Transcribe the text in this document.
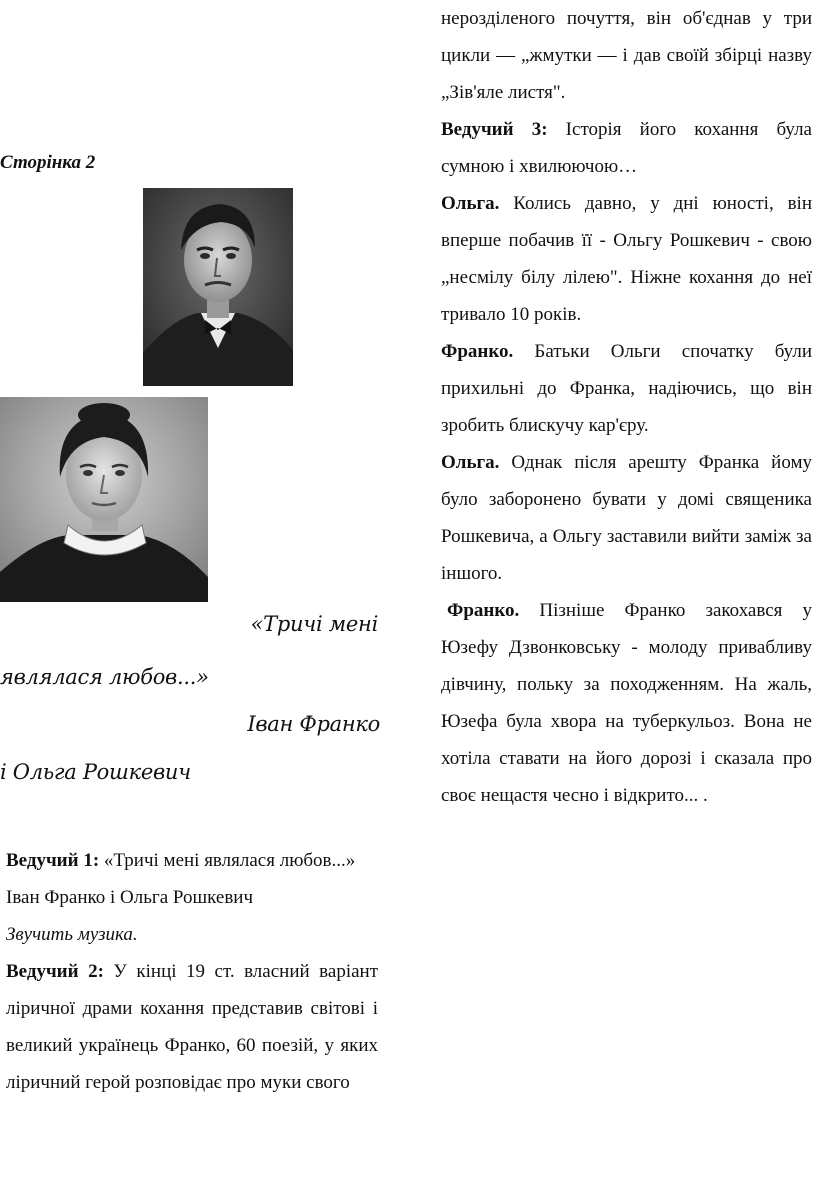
Сторінка 2
«Тричі мені
являлася любов...»
Іван Франко
і Ольга Рошкевич

Ведучий 1: «Тричі мені являлася любов...» Іван Франко і Ольга Рошкевич

Звучить музика.

Ведучий 2: У кінці 19 ст. власний варіант ліричної драми кохання представив світові і великий українець Франко, 60 поезій, у яких ліричний герой розповідає про муки свого

нерозділеного почуття, він об'єднав у три цикли — „жмутки — і дав своїй збірці назву „Зів'яле листя".

Ведучий 3: Історія його кохання була сумною і хвилюючою…

Ольга. Колись давно, у дні юності, він вперше побачив її - Ольгу Рошкевич - свою „несмілу білу лілею". Ніжне кохання до неї тривало 10 років.

Франко. Батьки Ольги спочатку були прихильні до Франка, надіючись, що він зробить блискучу кар'єру.

Ольга. Однак після арешту Франка йому було заборонено бувати у домі священика Рошкевича, а Ольгу заставили вийти заміж за іншого.

Франко. Пізніше Франко закохався у Юзефу Дзвонковську - молоду привабливу дівчину, польку за походженням. На жаль, Юзефа була хвора на туберкульоз. Вона не хотіла ставати на його дорозі і сказала про своє нещастя чесно і відкрито... .
